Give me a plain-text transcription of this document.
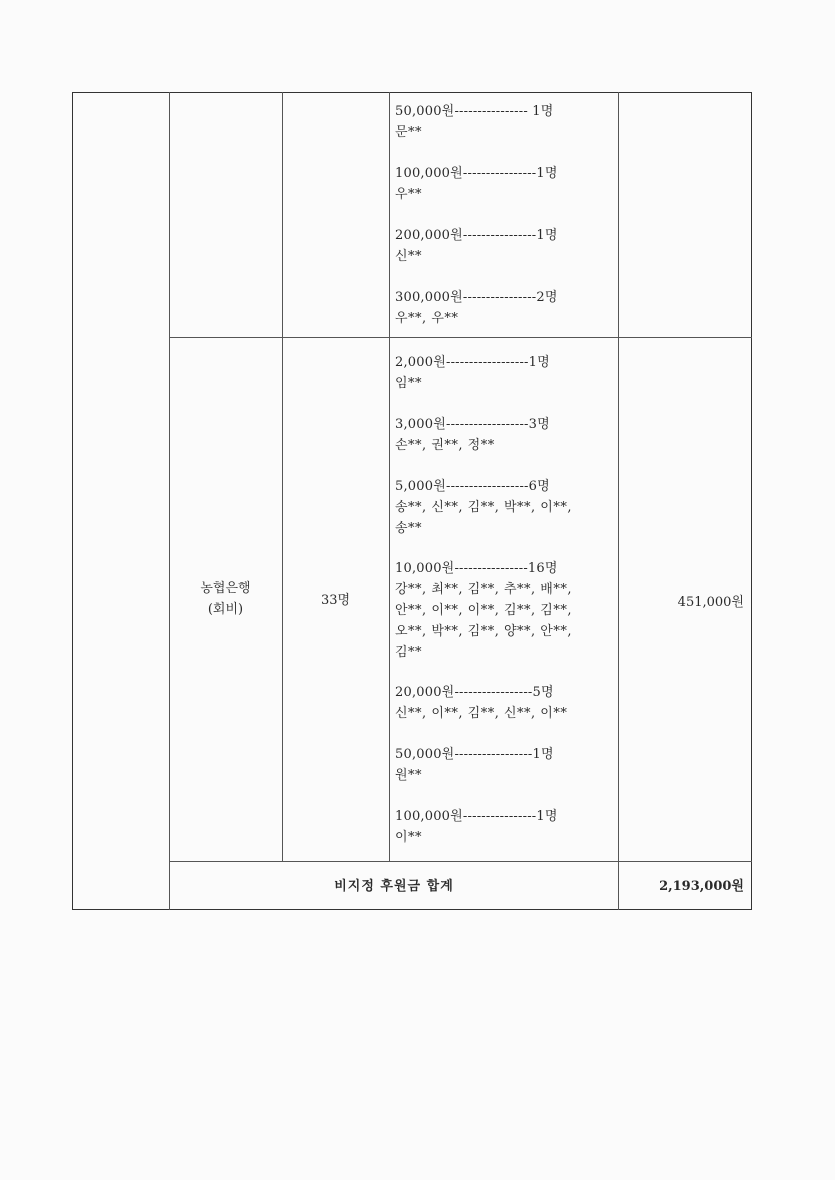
50,000원---------------- 1명
문**
100,000원----------------1명
우**
200,000원----------------1명
신**
300,000원----------------2명
우**, 우**
농협은행
(회비)
33명	451,000원
2,000원------------------1명
임**
3,000원------------------3명
손**, 권**, 정**
5,000원------------------6명
송**, 신**, 김**, 박**, 이**,
송**
10,000원----------------16명
강**, 최**, 김**, 추**, 배**,
안**, 이**, 이**, 김**, 김**,
오**, 박**, 김**, 양**, 안**,
김**
20,000원-----------------5명
신**, 이**, 김**, 신**, 이**
50,000원-----------------1명
원**
100,000원----------------1명
이**
비지정 후원금 합계	2,193,000원
